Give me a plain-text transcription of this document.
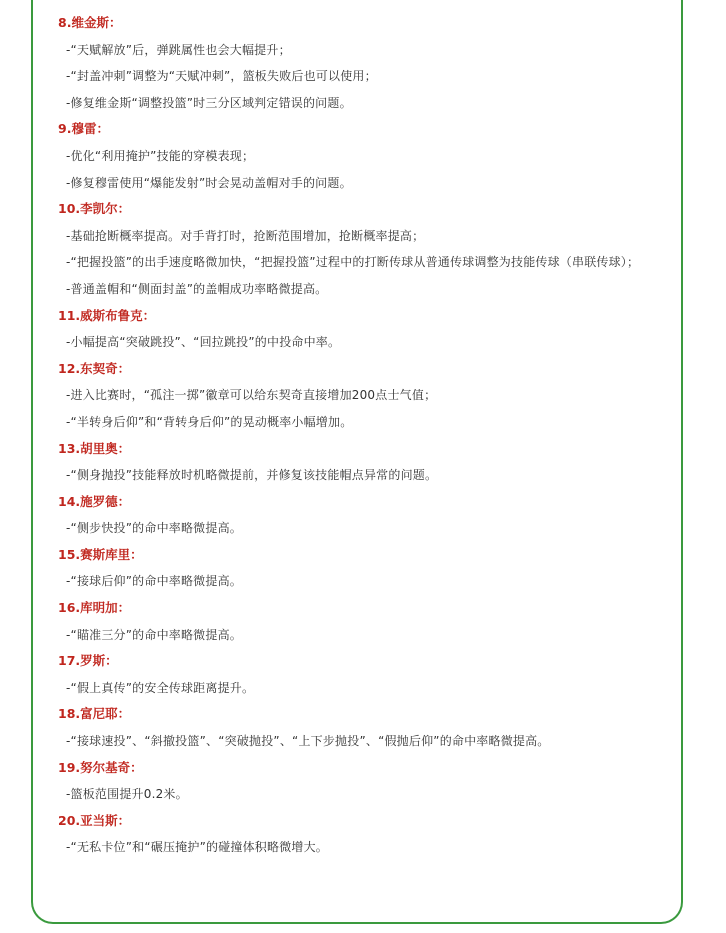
8.维金斯：

-“天赋解放”后，弹跳属性也会大幅提升；

-“封盖冲刺”调整为“天赋冲刺”，篮板失败后也可以使用；

-修复维金斯“调整投篮”时三分区域判定错误的问题。

9.穆雷：

-优化“利用掩护”技能的穿模表现；

-修复穆雷使用“爆能发射”时会晃动盖帽对手的问题。

10.李凯尔：

-基础抢断概率提高。对手背打时，抢断范围增加，抢断概率提高；

-“把握投篮”的出手速度略微加快，“把握投篮”过程中的打断传球从普通传球调整为技能传球（串联传球）；

-普通盖帽和“侧面封盖”的盖帽成功率略微提高。

11.威斯布鲁克：

-小幅提高“突破跳投”、“回拉跳投”的中投命中率。

12.东契奇：

-进入比赛时，“孤注一掷”徽章可以给东契奇直接增加200点士气值；

-“半转身后仰”和“背转身后仰”的晃动概率小幅增加。

13.胡里奥：

-“侧身抛投”技能释放时机略微提前，并修复该技能帽点异常的问题。

14.施罗德：

-“侧步快投”的命中率略微提高。

15.赛斯库里：

-“接球后仰”的命中率略微提高。

16.库明加：

-“瞄准三分”的命中率略微提高。

17.罗斯：

-“假上真传”的安全传球距离提升。

18.富尼耶：

-“接球速投”、“斜撤投篮”、“突破抛投”、“上下步抛投”、“假抛后仰”的命中率略微提高。

19.努尔基奇：

-篮板范围提升0.2米。

20.亚当斯：

-“无私卡位”和“碾压掩护”的碰撞体积略微增大。
